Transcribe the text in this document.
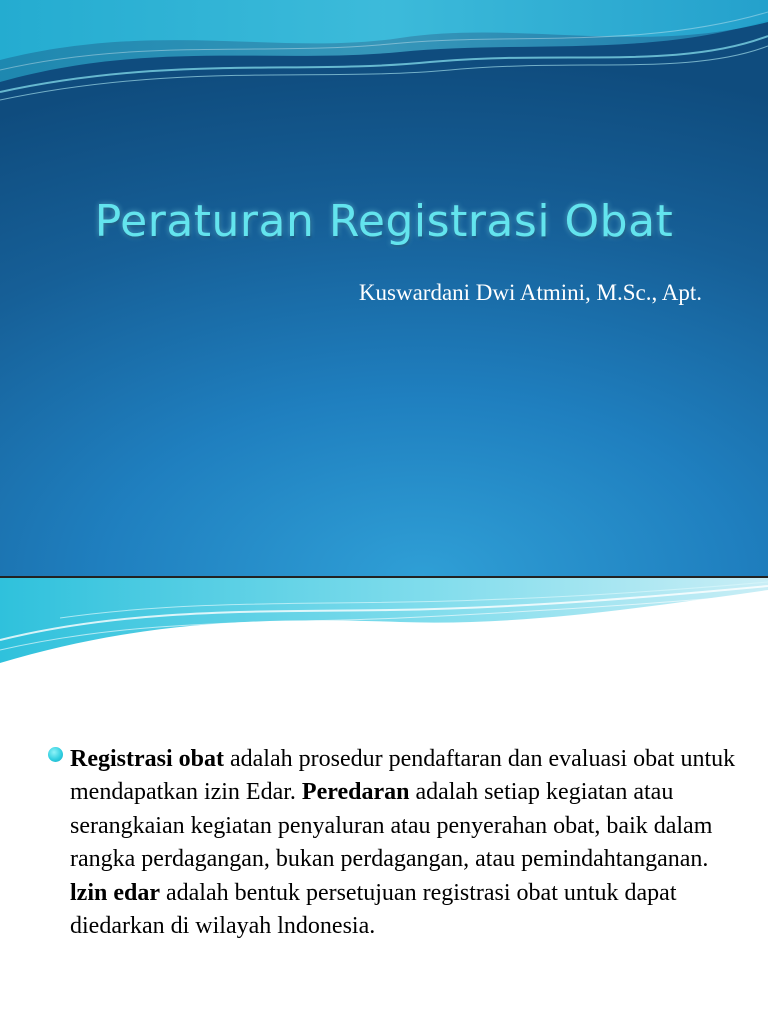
Peraturan Registrasi Obat

Kuswardani Dwi Atmini, M.Sc., Apt.

Registrasi obat adalah prosedur pendaftaran dan evaluasi obat untuk mendapatkan izin Edar. Peredaran adalah setiap kegiatan atau serangkaian kegiatan penyaluran atau penyerahan obat, baik dalam rangka perdagangan, bukan perdagangan, atau pemindahtanganan. lzin edar adalah bentuk persetujuan registrasi obat untuk dapat diedarkan di wilayah lndonesia.
